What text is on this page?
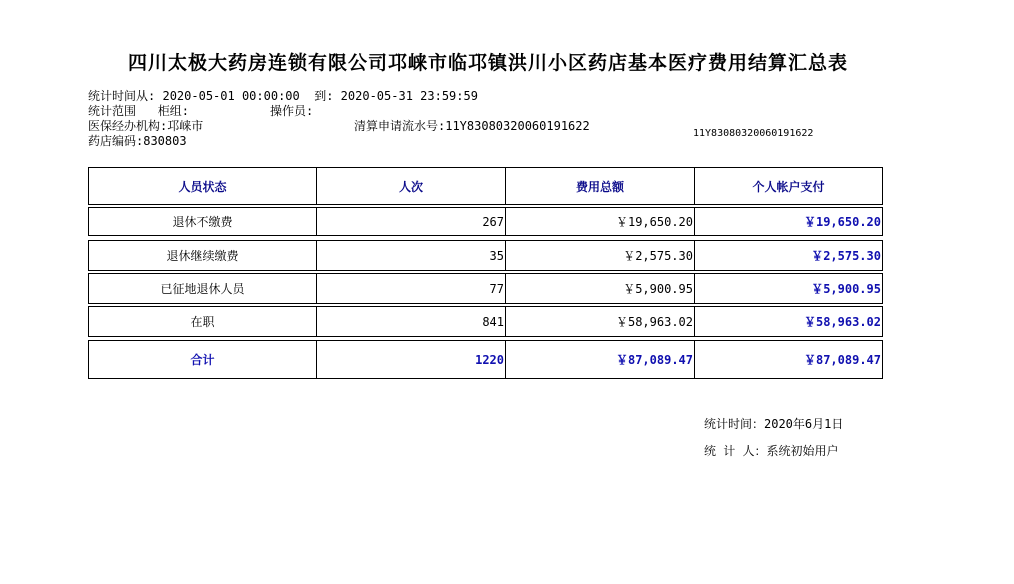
四川太极大药房连锁有限公司邛崃市临邛镇洪川小区药店基本医疗费用结算汇总表
统计时间从: 2020-05-01 00:00:00 到: 2020-05-31 23:59:59
统计范围 柜组:	操作员:
医保经办机构:邛崃市	清算申请流水号:11Y83080320060191622
11Y83080320060191622
药店编码:830803
人员状态	人次	费用总额	个人帐户支付
退休不缴费	267	￥19,650.20	￥19,650.20
退休继续缴费	35	￥2,575.30	￥2,575.30
已征地退休人员	77	￥5,900.95	￥5,900.95
在职	841	￥58,963.02	￥58,963.02
合计	1220	￥87,089.47	￥87,089.47
统计时间：2020年6月1日
统 计 人：系统初始用户
